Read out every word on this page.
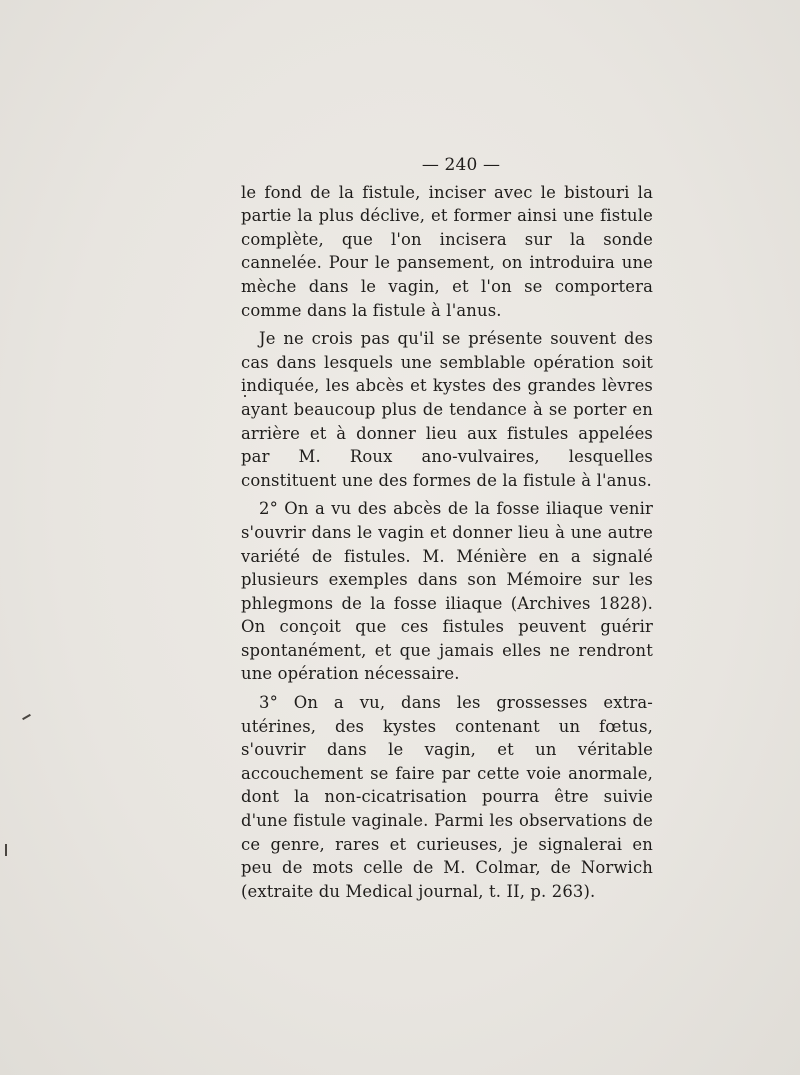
— 240 —

le fond de la fistule, inciser avec le bistouri la partie la plus déclive, et former ainsi une fistule complète, que l'on incisera sur la sonde cannelée. Pour le pansement, on introduira une mèche dans le vagin, et l'on se comportera comme dans la fistule à l'anus.

Je ne crois pas qu'il se présente souvent des cas dans lesquels une semblable opération soit indiquée, les abcès et kystes des grandes lèvres ayant beaucoup plus de tendance à se porter en arrière et à donner lieu aux fistules appelées par M. Roux ano-vulvaires, lesquelles constituent une des formes de la fistule à l'anus.

2° On a vu des abcès de la fosse iliaque venir s'ouvrir dans le vagin et donner lieu à une autre variété de fistules. M. Ménière en a signalé plusieurs exemples dans son Mémoire sur les phlegmons de la fosse iliaque (Archives 1828). On conçoit que ces fistules peuvent guérir spontanément, et que jamais elles ne rendront une opération nécessaire.

3° On a vu, dans les grossesses extra-utérines, des kystes contenant un fœtus, s'ouvrir dans le vagin, et un véritable accouchement se faire par cette voie anormale, dont la non-cicatrisation pourra être suivie d'une fistule vaginale. Parmi les observations de ce genre, rares et curieuses, je signalerai en peu de mots celle de M. Colmar, de Norwich (extraite du Medical journal, t. II, p. 263).
